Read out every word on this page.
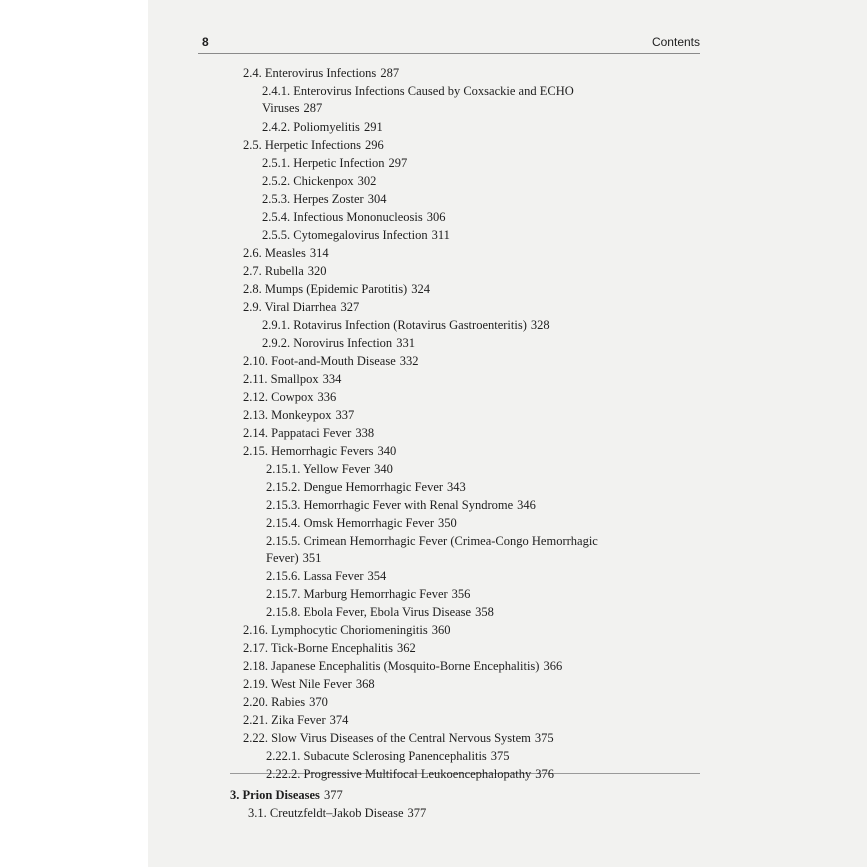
8	Contents
2.4. Enterovirus Infections 287
2.4.1. Enterovirus Infections Caused by Coxsackie and ECHO
Viruses 287
2.4.2. Poliomyelitis 291
2.5. Herpetic Infections 296
2.5.1. Herpetic Infection 297
2.5.2. Chickenpox 302
2.5.3. Herpes Zoster 304
2.5.4. Infectious Mononucleosis 306
2.5.5. Cytomegalovirus Infection 311
2.6. Measles 314
2.7. Rubella 320
2.8. Mumps (Epidemic Parotitis) 324
2.9. Viral Diarrhea 327
2.9.1. Rotavirus Infection (Rotavirus Gastroenteritis) 328
2.9.2. Norovirus Infection 331
2.10. Foot-and-Mouth Disease 332
2.11. Smallpox 334
2.12. Cowpox 336
2.13. Monkeypox 337
2.14. Pappataci Fever 338
2.15. Hemorrhagic Fevers 340
2.15.1. Yellow Fever 340
2.15.2. Dengue Hemorrhagic Fever 343
2.15.3. Hemorrhagic Fever with Renal Syndrome 346
2.15.4. Omsk Hemorrhagic Fever 350
2.15.5. Crimean Hemorrhagic Fever (Crimea-Congo Hemorrhagic
Fever) 351
2.15.6. Lassa Fever 354
2.15.7. Marburg Hemorrhagic Fever 356
2.15.8. Ebola Fever, Ebola Virus Disease 358
2.16. Lymphocytic Choriomeningitis 360
2.17. Tick-Borne Encephalitis 362
2.18. Japanese Encephalitis (Mosquito-Borne Encephalitis) 366
2.19. West Nile Fever 368
2.20. Rabies 370
2.21. Zika Fever 374
2.22. Slow Virus Diseases of the Central Nervous System 375
2.22.1. Subacute Sclerosing Panencephalitis 375
2.22.2. Progressive Multifocal Leukoencephalopathy 376
3. Prion Diseases 377
3.1. Creutzfeldt–Jakob Disease 377
